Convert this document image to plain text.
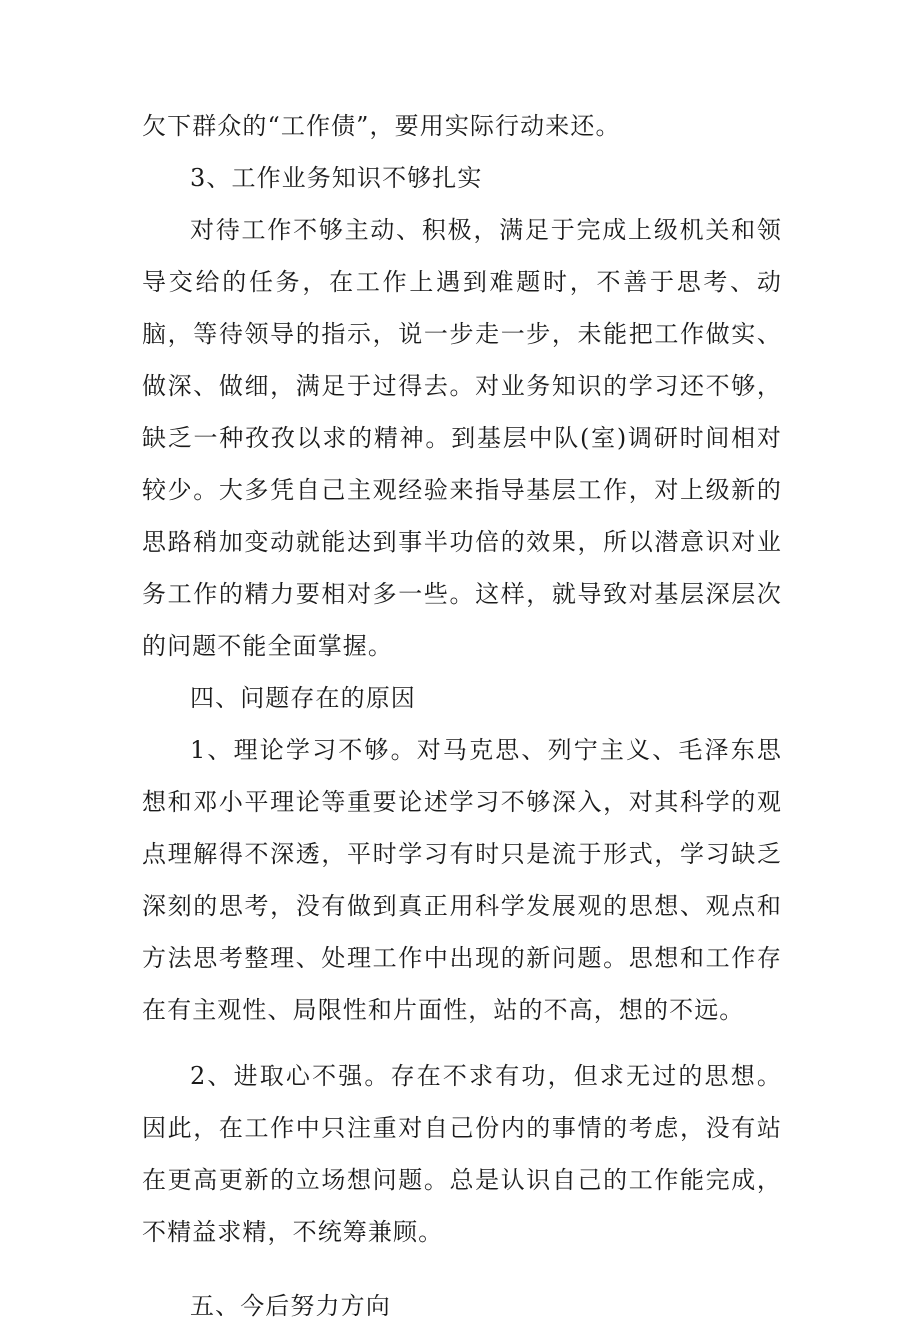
欠下群众的“工作债”，要用实际行动来还。

3、工作业务知识不够扎实

对待工作不够主动、积极，满足于完成上级机关和领导交给的任务，在工作上遇到难题时，不善于思考、动脑，等待领导的指示，说一步走一步，未能把工作做实、做深、做细，满足于过得去。对业务知识的学习还不够，缺乏一种孜孜以求的精神。到基层中队(室)调研时间相对较少。大多凭自己主观经验来指导基层工作，对上级新的思路稍加变动就能达到事半功倍的效果，所以潜意识对业务工作的精力要相对多一些。这样，就导致对基层深层次的问题不能全面掌握。

四、问题存在的原因

1、理论学习不够。对马克思、列宁主义、毛泽东思想和邓小平理论等重要论述学习不够深入，对其科学的观点理解得不深透，平时学习有时只是流于形式，学习缺乏深刻的思考，没有做到真正用科学发展观的思想、观点和方法思考整理、处理工作中出现的新问题。思想和工作存在有主观性、局限性和片面性，站的不高，想的不远。

2、进取心不强。存在不求有功，但求无过的思想。因此，在工作中只注重对自己份内的事情的考虑，没有站在更高更新的立场想问题。总是认识自己的工作能完成，不精益求精，不统筹兼顾。

五、今后努力方向
